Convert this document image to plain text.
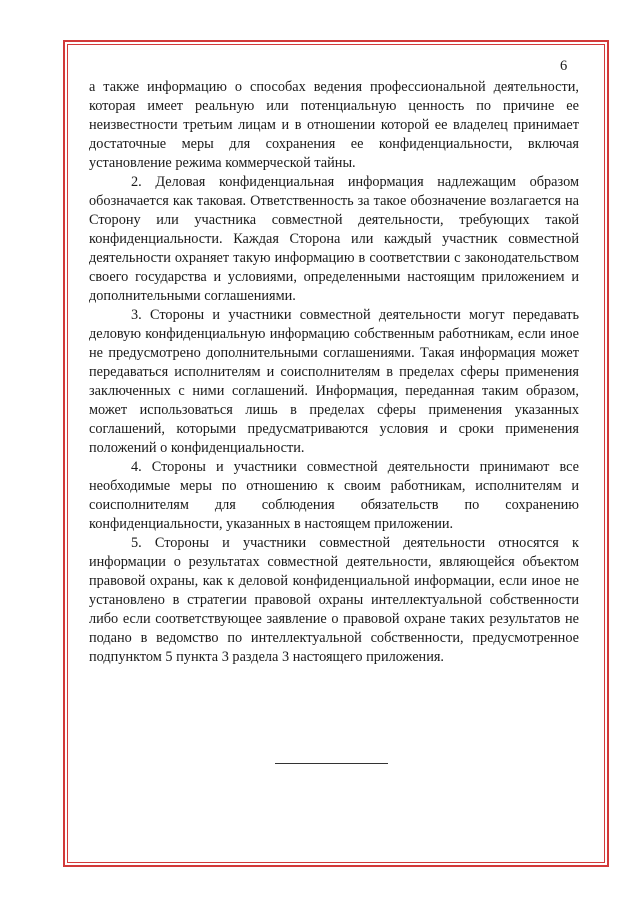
6

а также информацию о способах ведения профессиональной деятельности, которая имеет реальную или потенциальную ценность по причине ее неизвестности третьим лицам и в отношении которой ее владелец принимает достаточные меры для сохранения ее конфиденциальности, включая установление режима коммерческой тайны.

2. Деловая конфиденциальная информация надлежащим образом обозначается как таковая. Ответственность за такое обозначение возлагается на Сторону или участника совместной деятельности, требующих такой конфиденциальности. Каждая Сторона или каждый участник совместной деятельности охраняет такую информацию в соответствии с законодательством своего государства и условиями, определенными настоящим приложением и дополнительными соглашениями.

3. Стороны и участники совместной деятельности могут передавать деловую конфиденциальную информацию собственным работникам, если иное не предусмотрено дополнительными соглашениями. Такая информация может передаваться исполнителям и соисполнителям в пределах сферы применения заключенных с ними соглашений. Информация, переданная таким образом, может использоваться лишь в пределах сферы применения указанных соглашений, которыми предусматриваются условия и сроки применения положений о конфиденциальности.

4. Стороны и участники совместной деятельности принимают все необходимые меры по отношению к своим работникам, исполнителям и соисполнителям для соблюдения обязательств по сохранению конфиденциальности, указанных в настоящем приложении.

5. Стороны и участники совместной деятельности относятся к информации о результатах совместной деятельности, являющейся объектом правовой охраны, как к деловой конфиденциальной информации, если иное не установлено в стратегии правовой охраны интеллектуальной собственности либо если соответствующее заявление о правовой охране таких результатов не подано в ведомство по интеллектуальной собственности, предусмотренное подпунктом 5 пункта 3 раздела 3 настоящего приложения.
